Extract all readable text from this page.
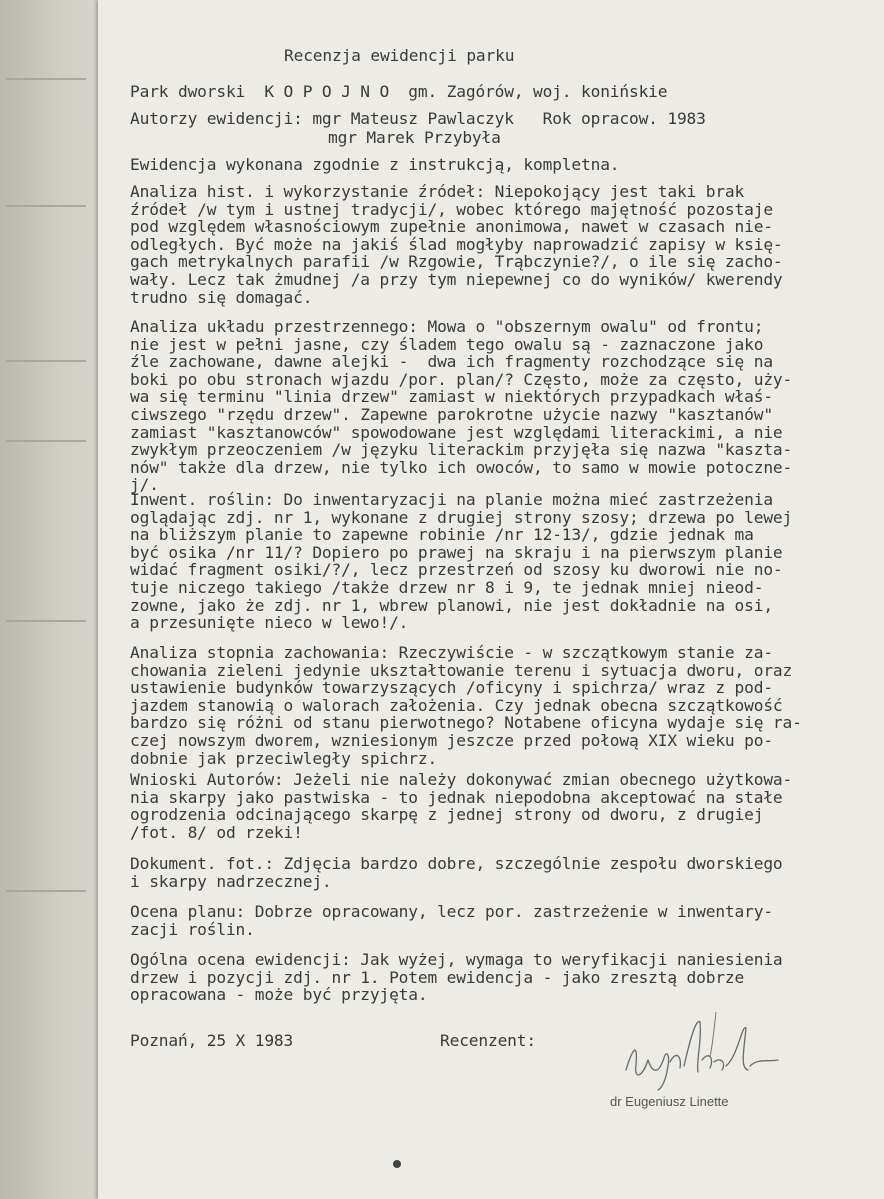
Recenzja ewidencji parku

Park dworski  K O P O J N O  gm. Zagórów, woj. konińskie

Autorzy ewidencji: mgr Mateusz Pawlaczyk   Rok opracow. 1983

mgr Marek Przybyła

Ewidencja wykonana zgodnie z instrukcją, kompletna.

Analiza hist. i wykorzystanie źródeł: Niepokojący jest taki brak
źródeł /w tym i ustnej tradycji/, wobec którego majętność pozostaje
pod względem własnościowym zupełnie anonimowa, nawet w czasach nie-
odległych. Być może na jakiś ślad mogłyby naprowadzić zapisy w księ-
gach metrykalnych parafii /w Rzgowie, Trąbczynie?/, o ile się zacho-
wały. Lecz tak żmudnej /a przy tym niepewnej co do wyników/ kwerendy
trudno się domagać.

Analiza układu przestrzennego: Mowa o "obszernym owalu" od frontu;
nie jest w pełni jasne, czy śladem tego owalu są - zaznaczone jako
źle zachowane, dawne alejki -  dwa ich fragmenty rozchodzące się na
boki po obu stronach wjazdu /por. plan/? Często, może za często, uży-
wa się terminu "linia drzew" zamiast w niektórych przypadkach właś-
ciwszego "rzędu drzew". Zapewne parokrotne użycie nazwy "kasztanów"
zamiast "kasztanowców" spowodowane jest względami literackimi, a nie
zwykłym przeoczeniem /w języku literackim przyjęła się nazwa "kaszta-
nów" także dla drzew, nie tylko ich owoców, to samo w mowie potoczne-
j/.

Inwent. roślin: Do inwentaryzacji na planie można mieć zastrzeżenia
oglądając zdj. nr 1, wykonane z drugiej strony szosy; drzewa po lewej
na bliższym planie to zapewne robinie /nr 12-13/, gdzie jednak ma
być osika /nr 11/? Dopiero po prawej na skraju i na pierwszym planie
widać fragment osiki/?/, lecz przestrzeń od szosy ku dworowi nie no-
tuje niczego takiego /także drzew nr 8 i 9, te jednak mniej nieod-
zowne, jako że zdj. nr 1, wbrew planowi, nie jest dokładnie na osi,
a przesunięte nieco w lewo!/.

Analiza stopnia zachowania: Rzeczywiście - w szczątkowym stanie za-
chowania zieleni jedynie ukształtowanie terenu i sytuacja dworu, oraz
ustawienie budynków towarzyszących /oficyny i spichrza/ wraz z pod-
jazdem stanowią o walorach założenia. Czy jednak obecna szczątkowość
bardzo się różni od stanu pierwotnego? Notabene oficyna wydaje się ra-
czej nowszym dworem, wzniesionym jeszcze przed połową XIX wieku po-
dobnie jak przeciwległy spichrz.

Wnioski Autorów: Jeżeli nie należy dokonywać zmian obecnego użytkowa-
nia skarpy jako pastwiska - to jednak niepodobna akceptować na stałe
ogrodzenia odcinającego skarpę z jednej strony od dworu, z drugiej
/fot. 8/ od rzeki!

Dokument. fot.: Zdjęcia bardzo dobre, szczególnie zespołu dworskiego
i skarpy nadrzecznej.

Ocena planu: Dobrze opracowany, lecz por. zastrzeżenie w inwentary-
zacji roślin.

Ogólna ocena ewidencji: Jak wyżej, wymaga to weryfikacji naniesienia
drzew i pozycji zdj. nr 1. Potem ewidencja - jako zresztą dobrze
opracowana - może być przyjęta.

Poznań, 25 X 1983

	Recenzent:

dr Eugeniusz Linette
